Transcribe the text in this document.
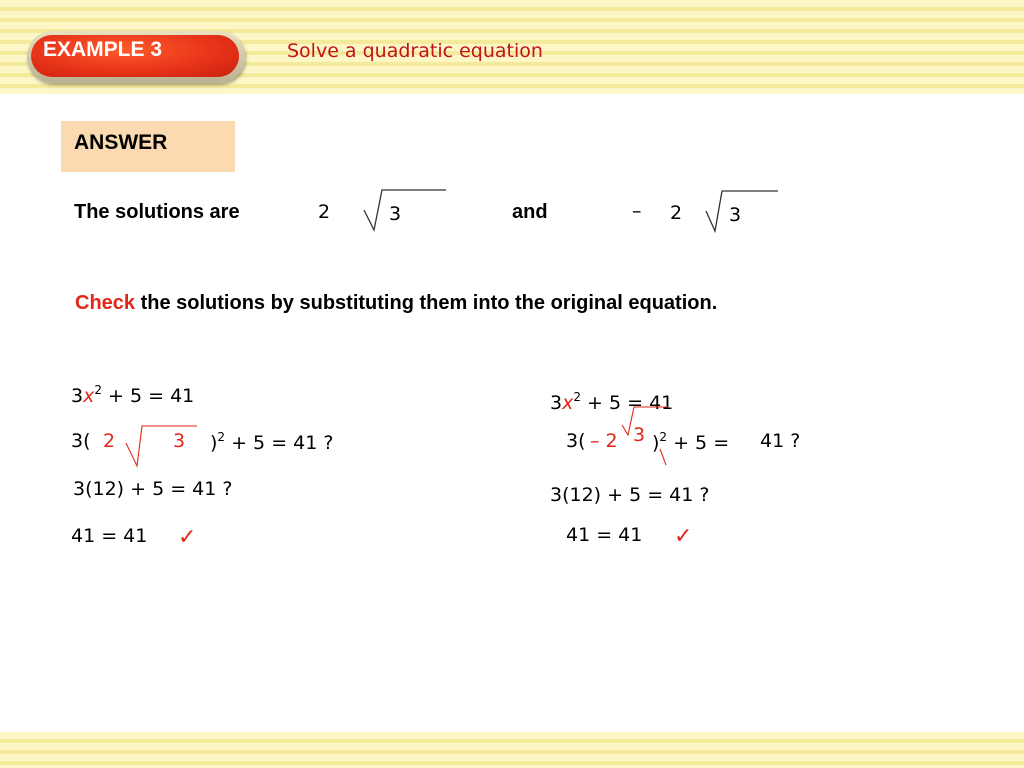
EXAMPLE 3	Solve a quadratic equation
ANSWER
The solutions are	2	3	and	– 2 3
Check the solutions by substituting them into the original equation.
$3x^2 + 5 = 41$
3( 2	3 )$^2$ + 5 = 41 ?
3(12) + 5 = 41 ?
41 = 41 ✓
$3x^2 + 5 = 41$
3( – 2 3 )$^2$ + 5 = 41 ?
3(12) + 5 = 41 ?
41 = 41 ✓
